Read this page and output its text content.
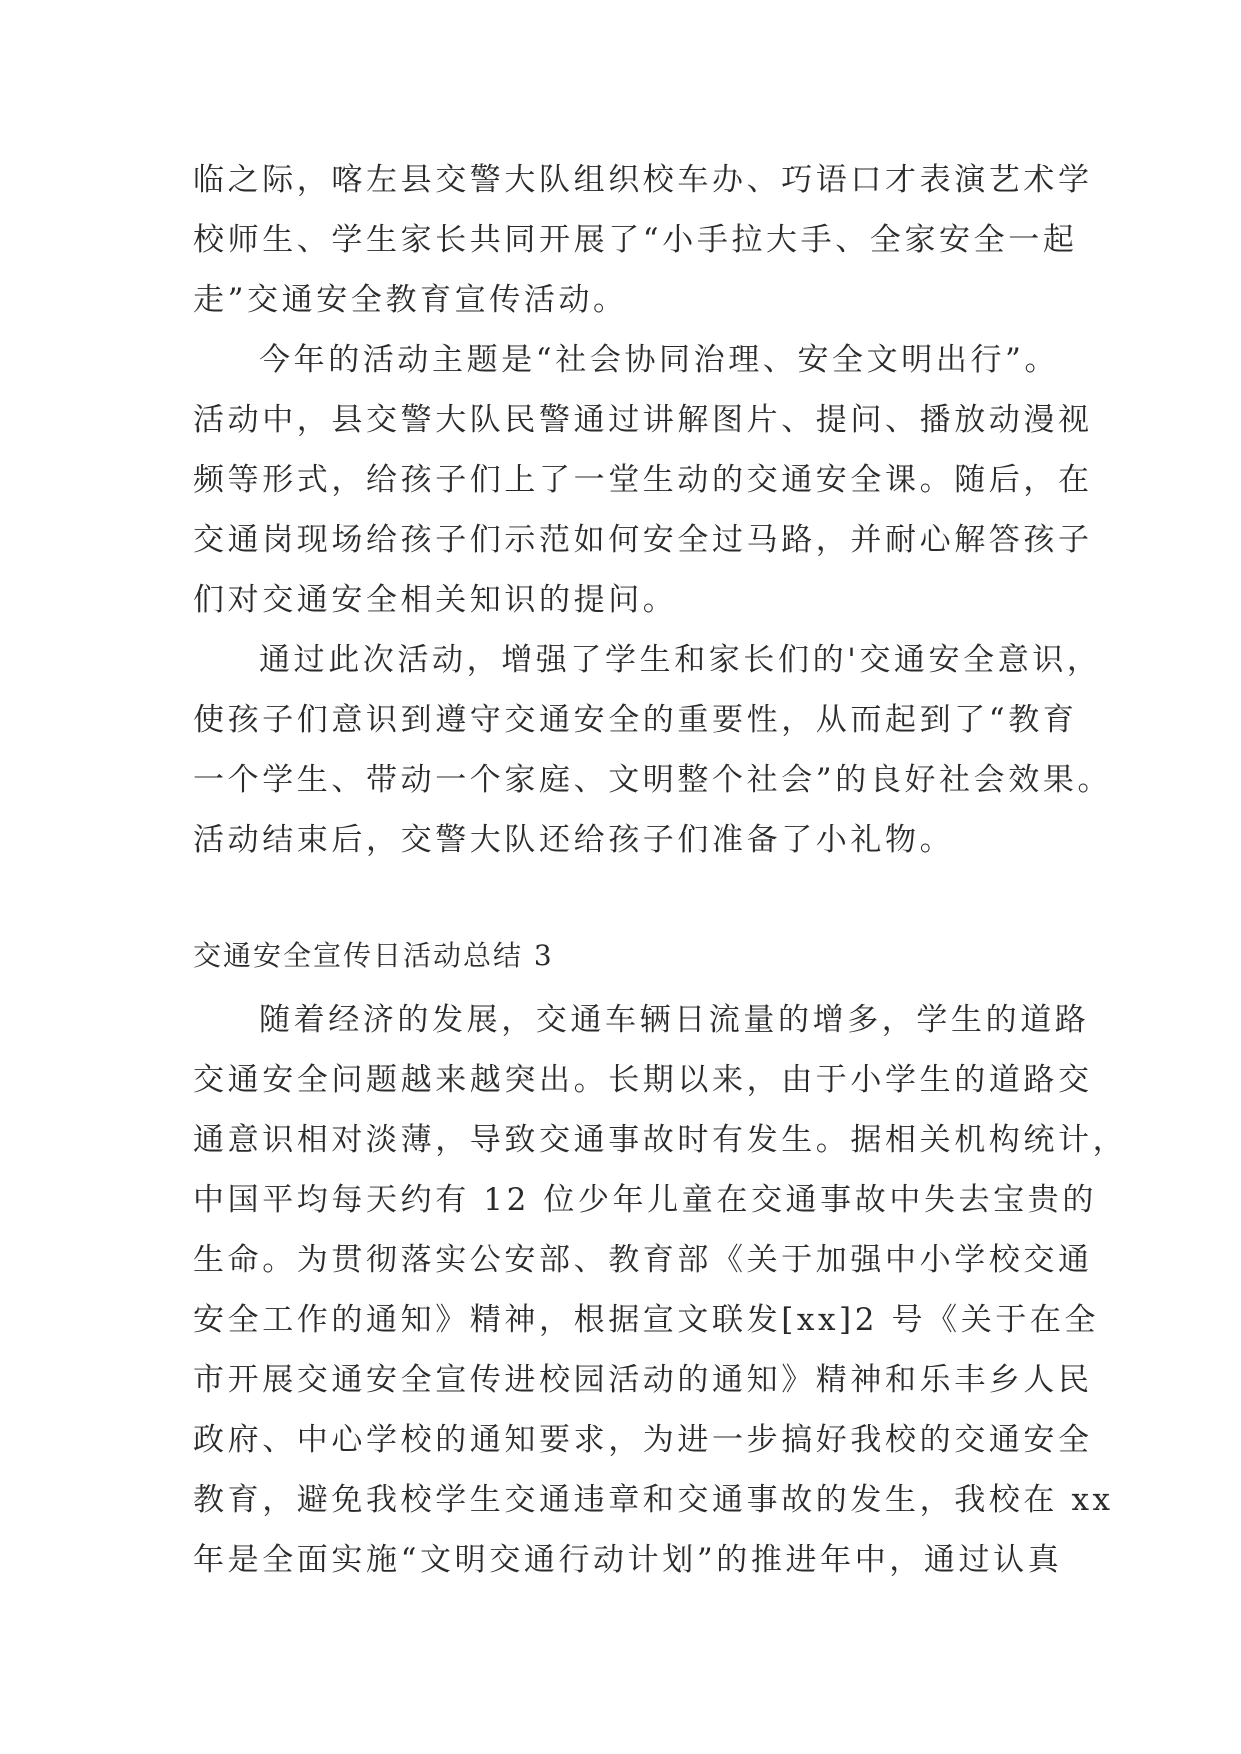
临之际，喀左县交警大队组织校车办、巧语口才表演艺术学
校师生、学生家长共同开展了“小手拉大手、全家安全一起
走”交通安全教育宣传活动。
今年的活动主题是“社会协同治理、安全文明出行”。
活动中，县交警大队民警通过讲解图片、提问、播放动漫视
频等形式，给孩子们上了一堂生动的交通安全课。随后，在
交通岗现场给孩子们示范如何安全过马路，并耐心解答孩子
们对交通安全相关知识的提问。
通过此次活动，增强了学生和家长们的'交通安全意识，
使孩子们意识到遵守交通安全的重要性，从而起到了“教育
一个学生、带动一个家庭、文明整个社会”的良好社会效果。
活动结束后，交警大队还给孩子们准备了小礼物。
交通安全宣传日活动总结 3
随着经济的发展，交通车辆日流量的增多，学生的道路
交通安全问题越来越突出。长期以来，由于小学生的道路交
通意识相对淡薄，导致交通事故时有发生。据相关机构统计，
中国平均每天约有 12 位少年儿童在交通事故中失去宝贵的
生命。为贯彻落实公安部、教育部《关于加强中小学校交通
安全工作的通知》精神，根据宣文联发[xx]2 号《关于在全
市开展交通安全宣传进校园活动的通知》精神和乐丰乡人民
政府、中心学校的通知要求，为进一步搞好我校的交通安全
教育，避免我校学生交通违章和交通事故的发生，我校在 xx
年是全面实施“文明交通行动计划”的推进年中，通过认真
